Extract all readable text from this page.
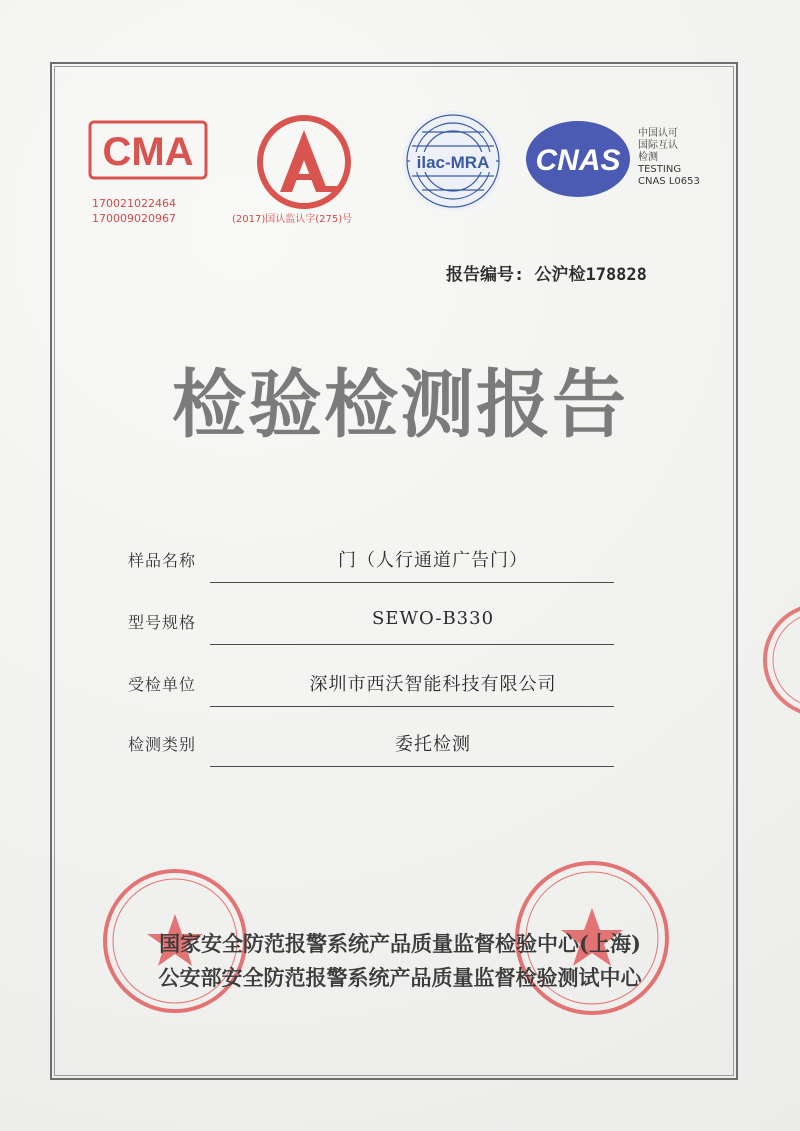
CMA
170021022464
170009020967
CAL
(2017)国认监认字(275)号
ilac-MRA CNAS
中国认可
国际互认
检测
TESTING
CNAS L0653
报告编号: 公沪检178828
检验检测报告
样品名称	门（人行通道广告门）
型号规格	SEWO-B330
受检单位	深圳市西沃智能科技有限公司
检测类别	委托检测
国家安全防范报警系统产品质量监督检验中心(上海)
公安部安全防范报警系统产品质量监督检验测试中心
